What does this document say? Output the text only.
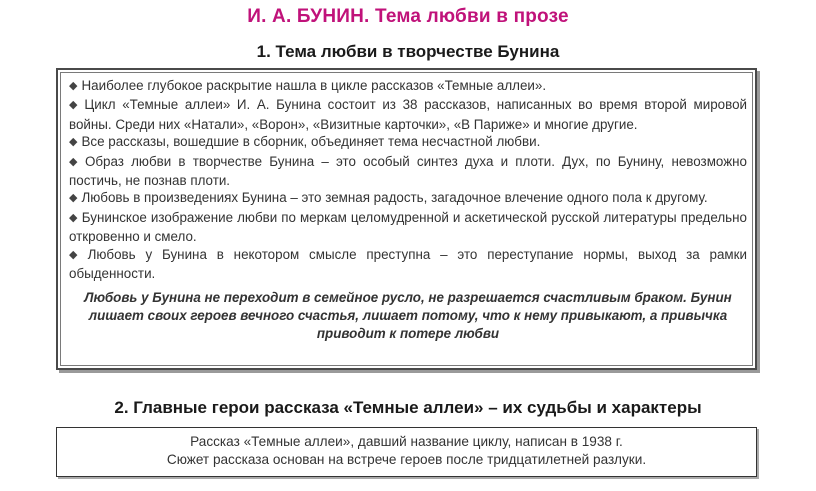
И. А. БУНИН. Тема любви в прозе
1. Тема любви в творчестве Бунина

◆ Наиболее глубокое раскрытие нашла в цикле рассказов «Темные аллеи».

◆ Цикл «Темные аллеи» И. А. Бунина состоит из 38 рассказов, написанных во время второй мировой войны. Среди них «Натали», «Ворон», «Визитные карточки», «В Париже» и многие другие.

◆ Все рассказы, вошедшие в сборник, объединяет тема несчастной любви.

◆ Образ любви в творчестве Бунина – это особый синтез духа и плоти. Дух, по Бунину, невозможно постичь, не познав плоти.

◆ Любовь в произведениях Бунина – это земная радость, загадочное влечение одного пола к другому.

◆ Бунинское изображение любви по меркам целомудренной и аскетической русской литературы предельно откровенно и смело.

◆ Любовь у Бунина в некотором смысле преступна – это переступание нормы, выход за рамки обыденности.

Любовь у Бунина не переходит в семейное русло, не разрешается счастливым браком. Бунин лишает своих героев вечного счастья, лишает потому, что к нему привыкают, а привычка приводит к потере любви
2. Главные герои рассказа «Темные аллеи» – их судьбы и характеры
Рассказ «Темные аллеи», давший название циклу, написан в 1938 г.
Сюжет рассказа основан на встрече героев после тридцатилетней разлуки.
